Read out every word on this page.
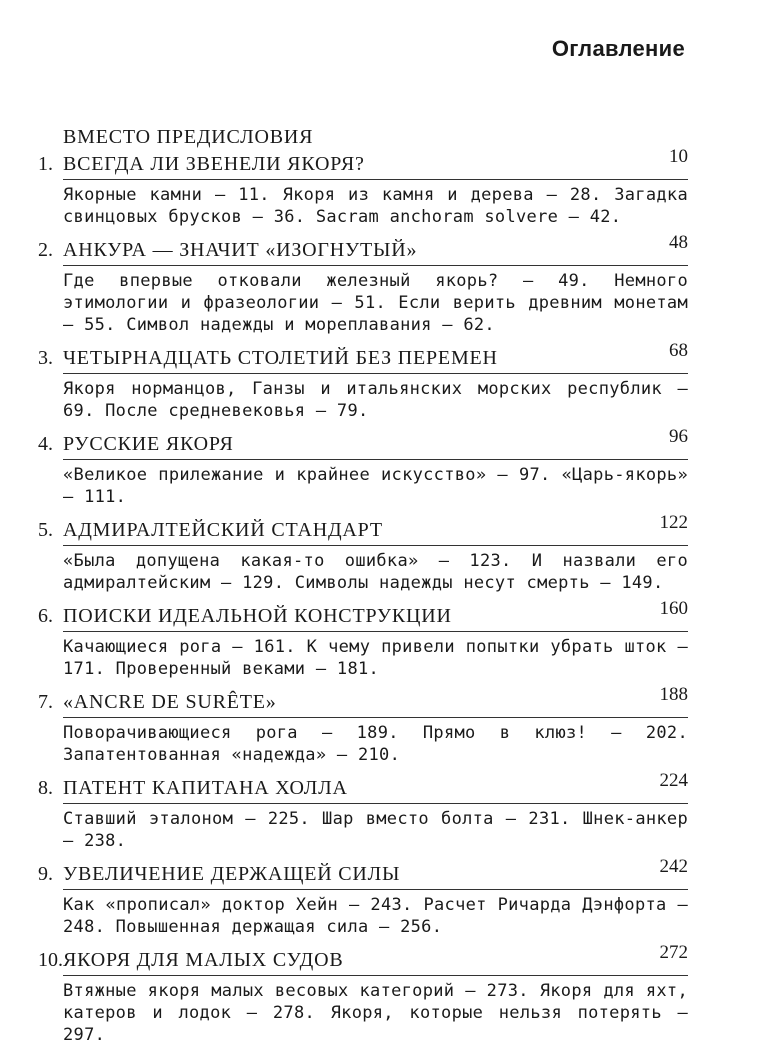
Оглавление
ВМЕСТО ПРЕДИСЛОВИЯ
1. ВСЕГДА ЛИ ЗВЕНЕЛИ ЯКОРЯ?	10
Якорные камни — 11. Якоря из камня и дерева — 28. Загадка свинцовых брусков — 36. Sacram anchoram solvere — 42.
2. АНКУРА — ЗНАЧИТ «ИЗОГНУТЫЙ»	48
Где впервые отковали железный якорь? — 49. Немного этимологии и фразеологии — 51. Если верить древним монетам — 55. Символ надежды и мореплавания — 62.
3. ЧЕТЫРНАДЦАТЬ СТОЛЕТИЙ БЕЗ ПЕРЕМЕН	68
Якоря норманцов, Ганзы и итальянских морских республик — 69. После средневековья — 79.
4. РУССКИЕ ЯКОРЯ	96
«Великое прилежание и крайнее искусство» — 97. «Царь-якорь» — 111.
5. АДМИРАЛТЕЙСКИЙ СТАНДАРТ	122
«Была допущена какая-то ошибка» — 123. И назвали его адмиралтейским — 129. Символы надежды несут смерть — 149.
6. ПОИСКИ ИДЕАЛЬНОЙ КОНСТРУКЦИИ	160
Качающиеся рога — 161. К чему привели попытки убрать шток — 171. Проверенный веками — 181.
7. «ANCRE DE SURÊTE»	188
Поворачивающиеся рога — 189. Прямо в клюз! — 202. Запатентованная «надежда» — 210.
8. ПАТЕНТ КАПИТАНА ХОЛЛА	224
Ставший эталоном — 225. Шар вместо болта — 231. Шнек-анкер — 238.
9. УВЕЛИЧЕНИЕ ДЕРЖАЩЕЙ СИЛЫ	242
Как «прописал» доктор Хейн — 243. Расчет Ричарда Дэнфорта — 248. Повышенная держащая сила — 256.
10. ЯКОРЯ ДЛЯ МАЛЫХ СУДОВ	272
Втяжные якоря малых весовых категорий — 273. Якоря для яхт, катеров и лодок — 278. Якоря, которые нельзя потерять — 297.
